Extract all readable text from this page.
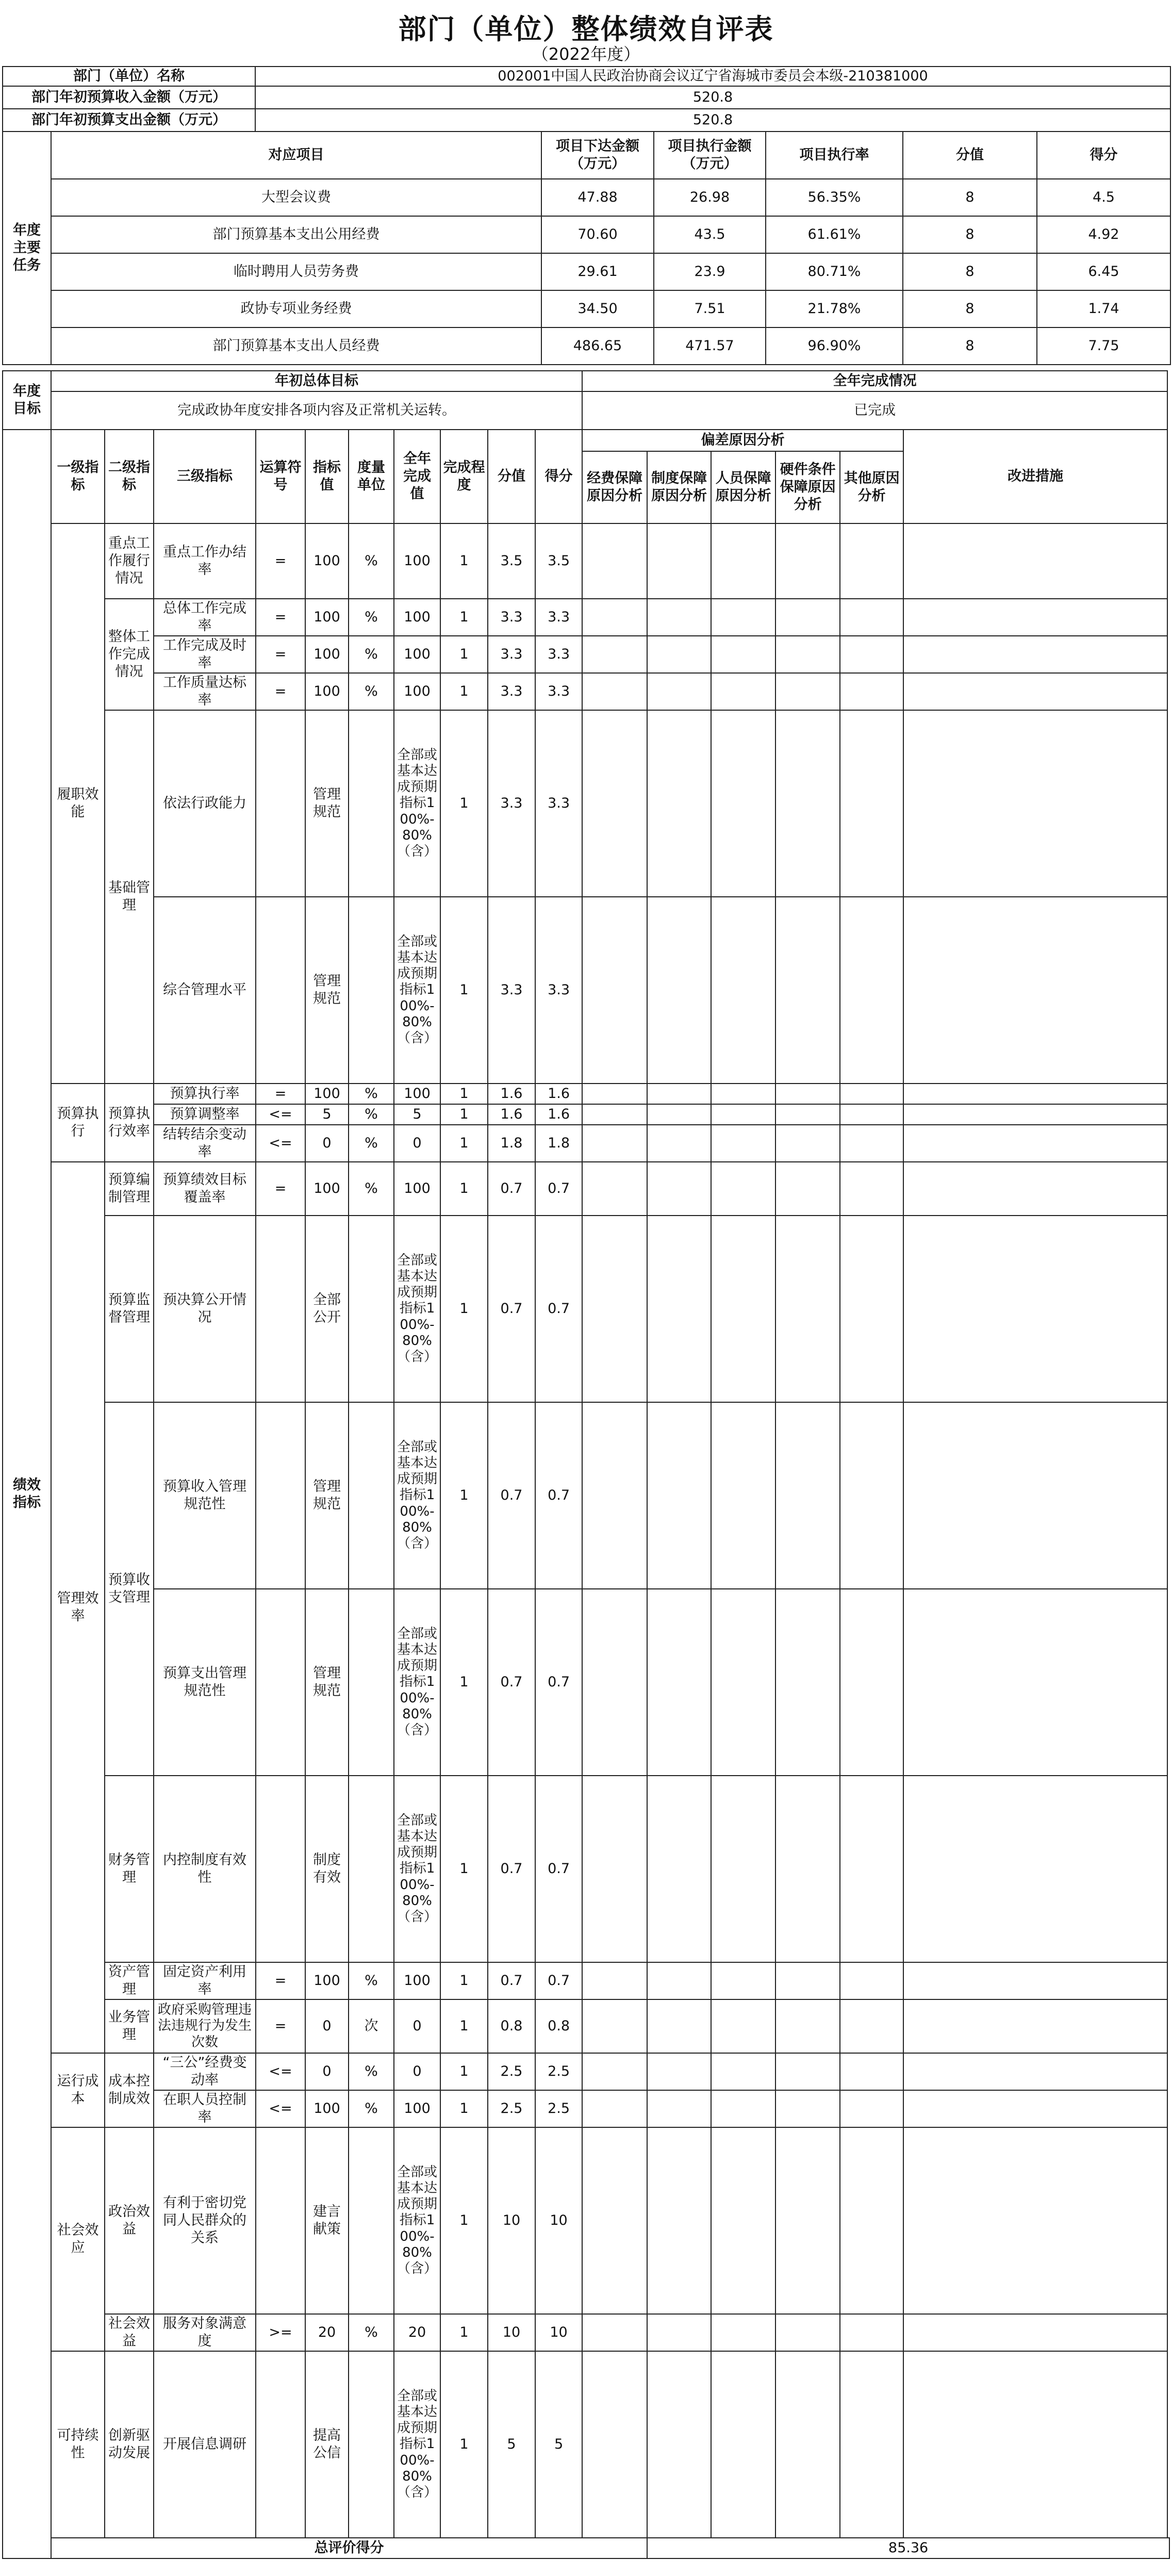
部门（单位）整体绩效自评表
（2022年度）
部门（单位）名称		002001中国人民政治协商会议辽宁省海城市委员会本级-210381000					
部门年初预算收入金额（万元）		520.8					
部门年初预算支出金额（万元）		520.8					
年度主要任务	对应项目		项目下达金额（万元）	项目执行金额（万元）	项目执行率	分值	得分
	大型会议费		47.88	26.98	56.35%	8	4.5
	部门预算基本支出公用经费		70.60	43.5	61.61%	8	4.92
	临时聘用人员劳务费		29.61	23.9	80.71%	8	6.45
	政协专项业务经费		34.50	7.51	21.78%	8	1.74
	部门预算基本支出人员经费		486.65	471.57	96.90%	8	7.75
年度目标	年初总体目标										全年完成情况					
	完成政协年度安排各项内容及正常机关运转。										已完成					
绩效指标	一级指标	二级指标	三级指标	运算符号	指标值	度量单位	全年完成值	完成程度	分值	得分	偏差原因分析					改进措施
											经费保障原因分析	制度保障原因分析	人员保障原因分析	硬件条件保障原因分析	其他原因分析	
	履职效能	重点工作履行情况	重点工作办结率	=	100	%	100	1	3.5	3.5						
		整体工作完成情况	总体工作完成率	=	100	%	100	1	3.3	3.3						
			工作完成及时率	=	100	%	100	1	3.3	3.3						
			工作质量达标率	=	100	%	100	1	3.3	3.3						
		基础管理	依法行政能力		管理规范		全部或基本达成预期指标100%-80%（含）	1	3.3	3.3						
			综合管理水平		管理规范		全部或基本达成预期指标100%-80%（含）	1	3.3	3.3						
	预算执行	预算执行效率	预算执行率	=	100	%	100	1	1.6	1.6						
			预算调整率	<=	5	%	5	1	1.6	1.6						
			结转结余变动率	<=	0	%	0	1	1.8	1.8						
	管理效率	预算编制管理	预算绩效目标覆盖率	=	100	%	100	1	0.7	0.7						
		预算监督管理	预决算公开情况		全部公开		全部或基本达成预期指标100%-80%（含）	1	0.7	0.7						
		预算收支管理	预算收入管理规范性		管理规范		全部或基本达成预期指标100%-80%（含）	1	0.7	0.7						
			预算支出管理规范性		管理规范		全部或基本达成预期指标100%-80%（含）	1	0.7	0.7						
		财务管理	内控制度有效性		制度有效		全部或基本达成预期指标100%-80%（含）	1	0.7	0.7						
		资产管理	固定资产利用率	=	100	%	100	1	0.7	0.7						
		业务管理	政府采购管理违法违规行为发生次数	=	0	次	0	1	0.8	0.8						
	运行成本	成本控制成效	“三公”经费变动率	<=	0	%	0	1	2.5	2.5						
			在职人员控制率	<=	100	%	100	1	2.5	2.5						
	社会效应	政治效益	有利于密切党同人民群众的关系		建言献策		全部或基本达成预期指标100%-80%（含）	1	10	10						
		社会效益	服务对象满意度	>=	20	%	20	1	10	10						
	可持续性	创新驱动发展	开展信息调研		提高公信		全部或基本达成预期指标100%-80%（含）	1	5	5						
	总评价得分											85.36				
